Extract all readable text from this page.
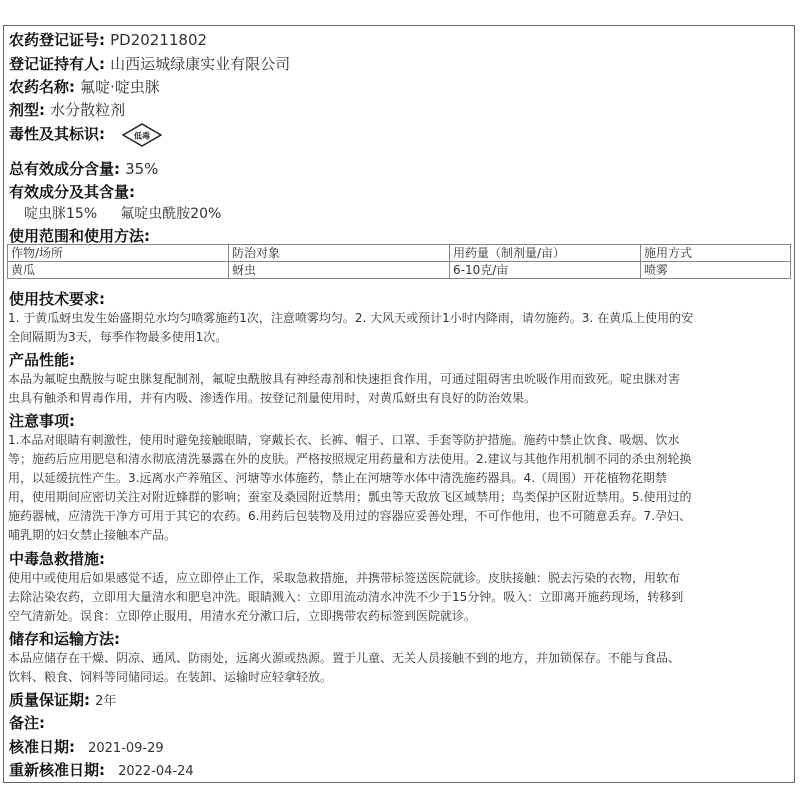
农药登记证号: PD20211802
登记证持有人: 山西运城绿康实业有限公司
农药名称: 氟啶·啶虫脒
剂型: 水分散粒剂
毒性及其标识:	低毒
总有效成分含量: 35%
有效成分及其含量:
啶虫脒15% 氟啶虫酰胺20%
使用范围和使用方法:
作物/场所	防治对象	用药量（制剂量/亩）	施用方式
黄瓜	蚜虫	6-10克/亩	喷雾
使用技术要求:
1. 于黄瓜蚜虫发生始盛期兑水均匀喷雾施药1次，注意喷雾均匀。2. 大风天或预计1小时内降雨，请勿施药。3. 在黄瓜上使用的安
全间隔期为3天，每季作物最多使用1次。
产品性能:
本品为氟啶虫酰胺与啶虫脒复配制剂，氟啶虫酰胺具有神经毒剂和快速拒食作用，可通过阻碍害虫吮吸作用而致死。啶虫脒对害
虫具有触杀和胃毒作用，并有内吸、渗透作用。按登记剂量使用时，对黄瓜蚜虫有良好的防治效果。
注意事项:
1.本品对眼睛有刺激性，使用时避免接触眼睛，穿戴长衣、长裤、帽子、口罩、手套等防护措施。施药中禁止饮食、吸烟、饮水
等；施药后应用肥皂和清水彻底清洗暴露在外的皮肤。严格按照规定用药量和方法使用。2.建议与其他作用机制不同的杀虫剂轮换
用，以延缓抗性产生。3.远离水产养殖区、河塘等水体施药，禁止在河塘等水体中清洗施药器具。4.（周围）开花植物花期禁
用，使用期间应密切关注对附近蜂群的影响；蚕室及桑园附近禁用；瓢虫等天敌放飞区域禁用；鸟类保护区附近禁用。5.使用过的
施药器械，应清洗干净方可用于其它的农药。6.用药后包装物及用过的容器应妥善处理，不可作他用，也不可随意丢弃。7.孕妇、
哺乳期的妇女禁止接触本产品。
中毒急救措施:
使用中或使用后如果感觉不适，应立即停止工作，采取急救措施，并携带标签送医院就诊。皮肤接触：脱去污染的衣物，用软布
去除沾染农药，立即用大量清水和肥皂冲洗。眼睛溅入：立即用流动清水冲洗不少于15分钟。吸入：立即离开施药现场，转移到
空气清新处。误食：立即停止服用，用清水充分漱口后，立即携带农药标签到医院就诊。
储存和运输方法:
本品应储存在干燥、阴凉、通风、防雨处，远离火源或热源。置于儿童、无关人员接触不到的地方，并加锁保存。不能与食品、
饮料、粮食、饲料等同储同运。在装卸、运输时应轻拿轻放。
质量保证期: 2年
备注:
核准日期: 2021-09-29
重新核准日期: 2022-04-24
